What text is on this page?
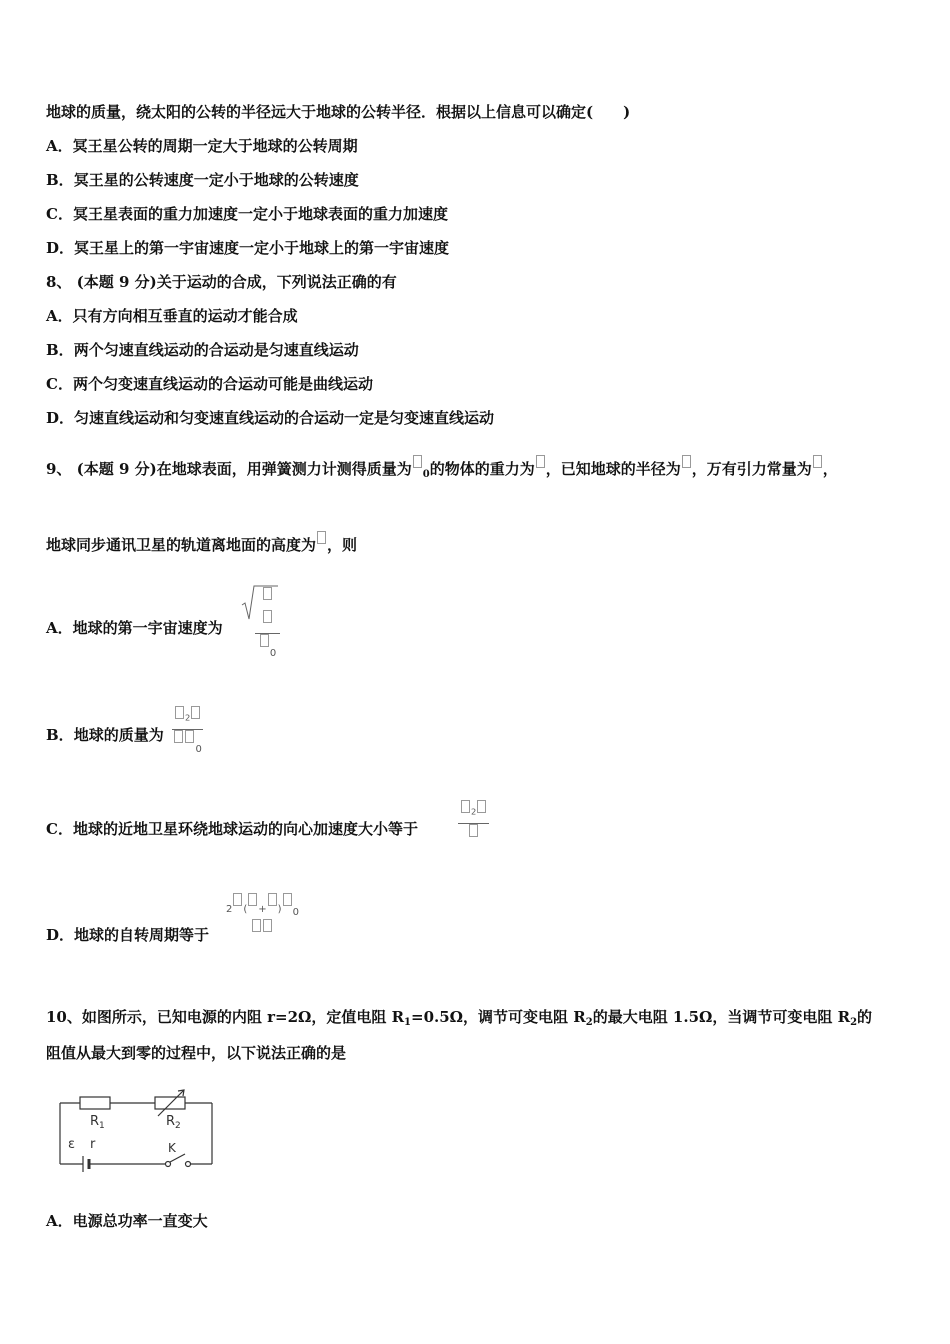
地球的质量，绕太阳的公转的半径远大于地球的公转半径．根据以上信息可以确定(　　)
A．冥王星公转的周期一定大于地球的公转周期
B．冥王星的公转速度一定小于地球的公转速度
C．冥王星表面的重力加速度一定小于地球表面的重力加速度
D．冥王星上的第一宇宙速度一定小于地球上的第一宇宙速度
8、 (本题 9 分)关于运动的合成，下列说法正确的有
A．只有方向相互垂直的运动才能合成
B．两个匀速直线运动的合运动是匀速直线运动
C．两个匀变速直线运动的合运动可能是曲线运动
D．匀速直线运动和匀变速直线运动的合运动一定是匀变速直线运动
9、 (本题 9 分)在地球表面，用弹簧测力计测得质量为 $_0$的物体的重力为 ，已知地球的半径为 ，万有引力常量为 ，
地球同步通讯卫星的轨道离地面的高度为 ，则
A．地球的第一宇宙速度为
0
B．地球的质量为 $\frac{^2}{0}$
C．地球的近地卫星环绕地球运动的向心加速度大小等于
$^2$
D．地球的自转周期等于
2 ( + ) 0
10、如图所示，已知电源的内阻 r=2Ω，定值电阻 $R_1=0.5\Omega$，调节可变电阻 $R_2$的最大电阻 1.5Ω，当调节可变电阻 $R_2$的
阻值从最大到零的过程中，以下说法正确的是
$R_1$	$R_2$
ε r	K
A．电源总功率一直变大
